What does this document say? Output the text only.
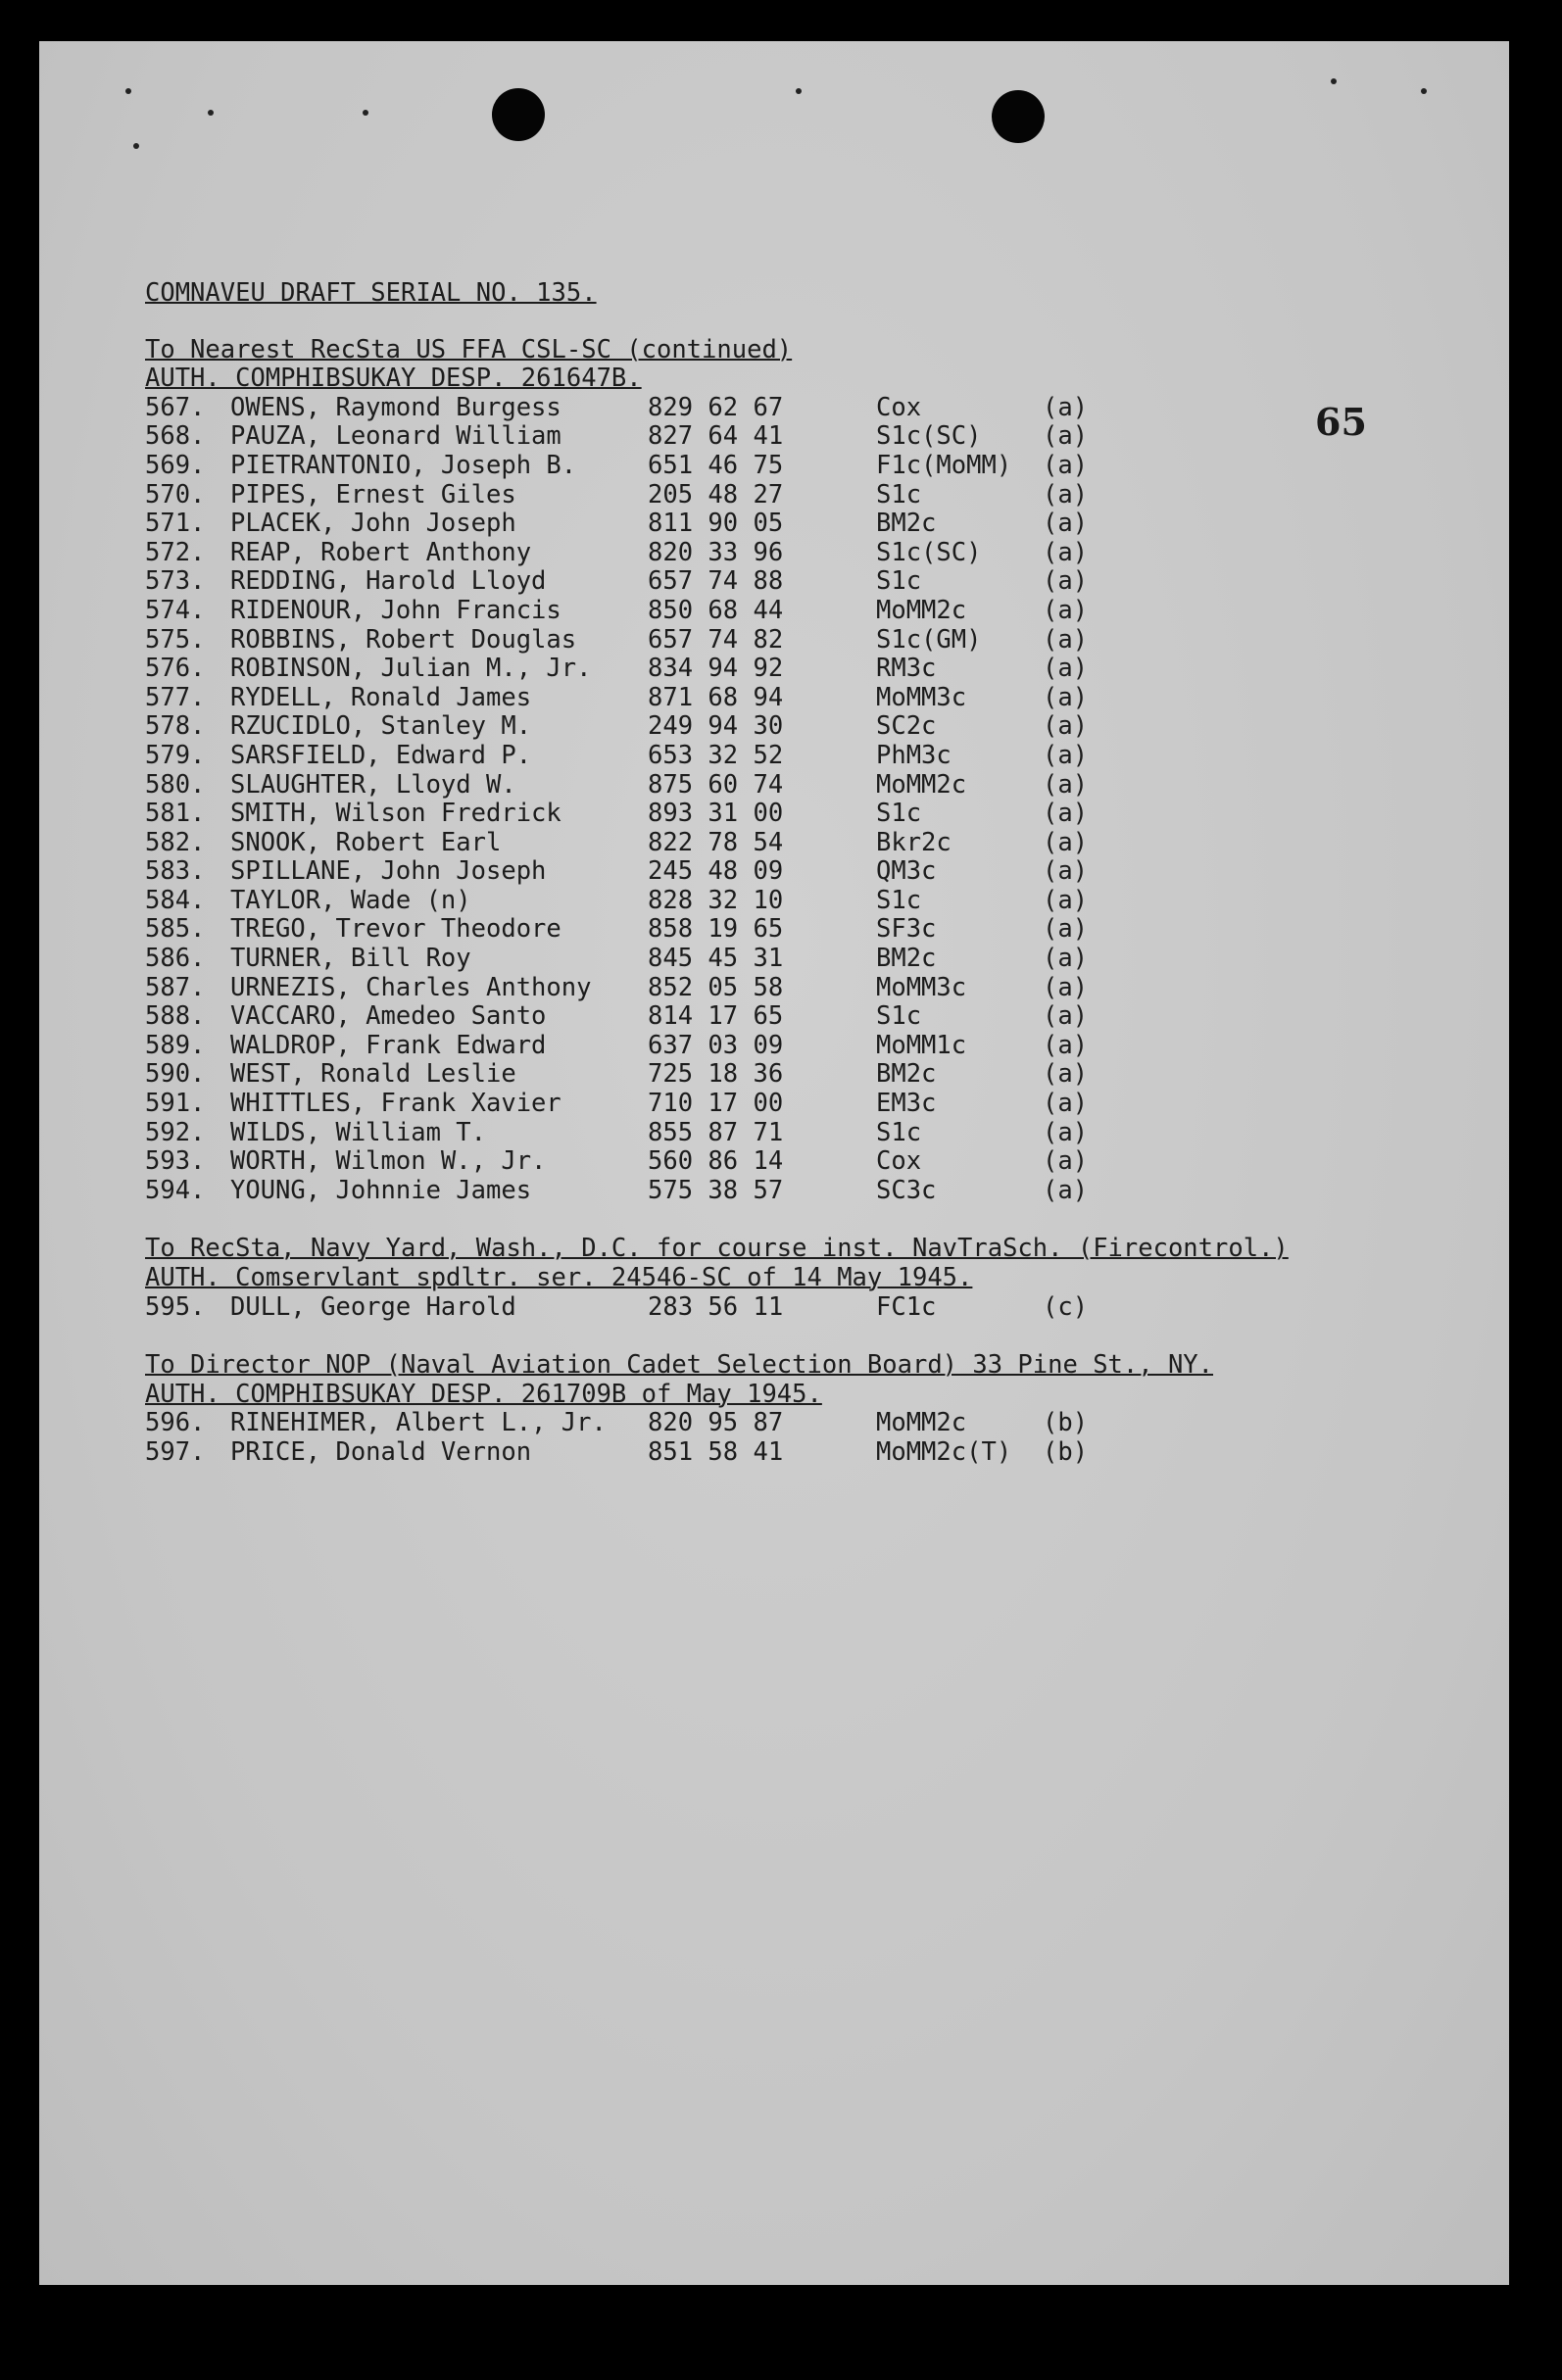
65
COMNAVEU DRAFT SERIAL NO. 135.
To Nearest RecSta US FFA CSL-SC (continued)
AUTH. COMPHIBSUKAY DESP. 261647B.
567.	OWENS, Raymond Burgess	829 62 67	Cox	(a)
568.	PAUZA, Leonard William	827 64 41	S1c(SC)	(a)
569.	PIETRANTONIO, Joseph B.	651 46 75	F1c(MoMM)	(a)
570.	PIPES, Ernest Giles	205 48 27	S1c	(a)
571.	PLACEK, John Joseph	811 90 05	BM2c	(a)
572.	REAP, Robert Anthony	820 33 96	S1c(SC)	(a)
573.	REDDING, Harold Lloyd	657 74 88	S1c	(a)
574.	RIDENOUR, John Francis	850 68 44	MoMM2c	(a)
575.	ROBBINS, Robert Douglas	657 74 82	S1c(GM)	(a)
576.	ROBINSON, Julian M., Jr.	834 94 92	RM3c	(a)
577.	RYDELL, Ronald James	871 68 94	MoMM3c	(a)
578.	RZUCIDLO, Stanley M.	249 94 30	SC2c	(a)
579.	SARSFIELD, Edward P.	653 32 52	PhM3c	(a)
580.	SLAUGHTER, Lloyd W.	875 60 74	MoMM2c	(a)
581.	SMITH, Wilson Fredrick	893 31 00	S1c	(a)
582.	SNOOK, Robert Earl	822 78 54	Bkr2c	(a)
583.	SPILLANE, John Joseph	245 48 09	QM3c	(a)
584.	TAYLOR, Wade (n)	828 32 10	S1c	(a)
585.	TREGO, Trevor Theodore	858 19 65	SF3c	(a)
586.	TURNER, Bill Roy	845 45 31	BM2c	(a)
587.	URNEZIS, Charles Anthony	852 05 58	MoMM3c	(a)
588.	VACCARO, Amedeo Santo	814 17 65	S1c	(a)
589.	WALDROP, Frank Edward	637 03 09	MoMM1c	(a)
590.	WEST, Ronald Leslie	725 18 36	BM2c	(a)
591.	WHITTLES, Frank Xavier	710 17 00	EM3c	(a)
592.	WILDS, William T.	855 87 71	S1c	(a)
593.	WORTH, Wilmon W., Jr.	560 86 14	Cox	(a)
594.	YOUNG, Johnnie James	575 38 57	SC3c	(a)
To RecSta, Navy Yard, Wash., D.C. for course inst. NavTraSch. (Firecontrol.)
AUTH. Comservlant spdltr. ser. 24546-SC of 14 May 1945.
595.	DULL, George Harold	283 56 11	FC1c	(c)
To Director NOP (Naval Aviation Cadet Selection Board) 33 Pine St., NY.
AUTH. COMPHIBSUKAY DESP. 261709B of May 1945.
596.	RINEHIMER, Albert L., Jr.	820 95 87	MoMM2c	(b)
597.	PRICE, Donald Vernon	851 58 41	MoMM2c(T)	(b)
